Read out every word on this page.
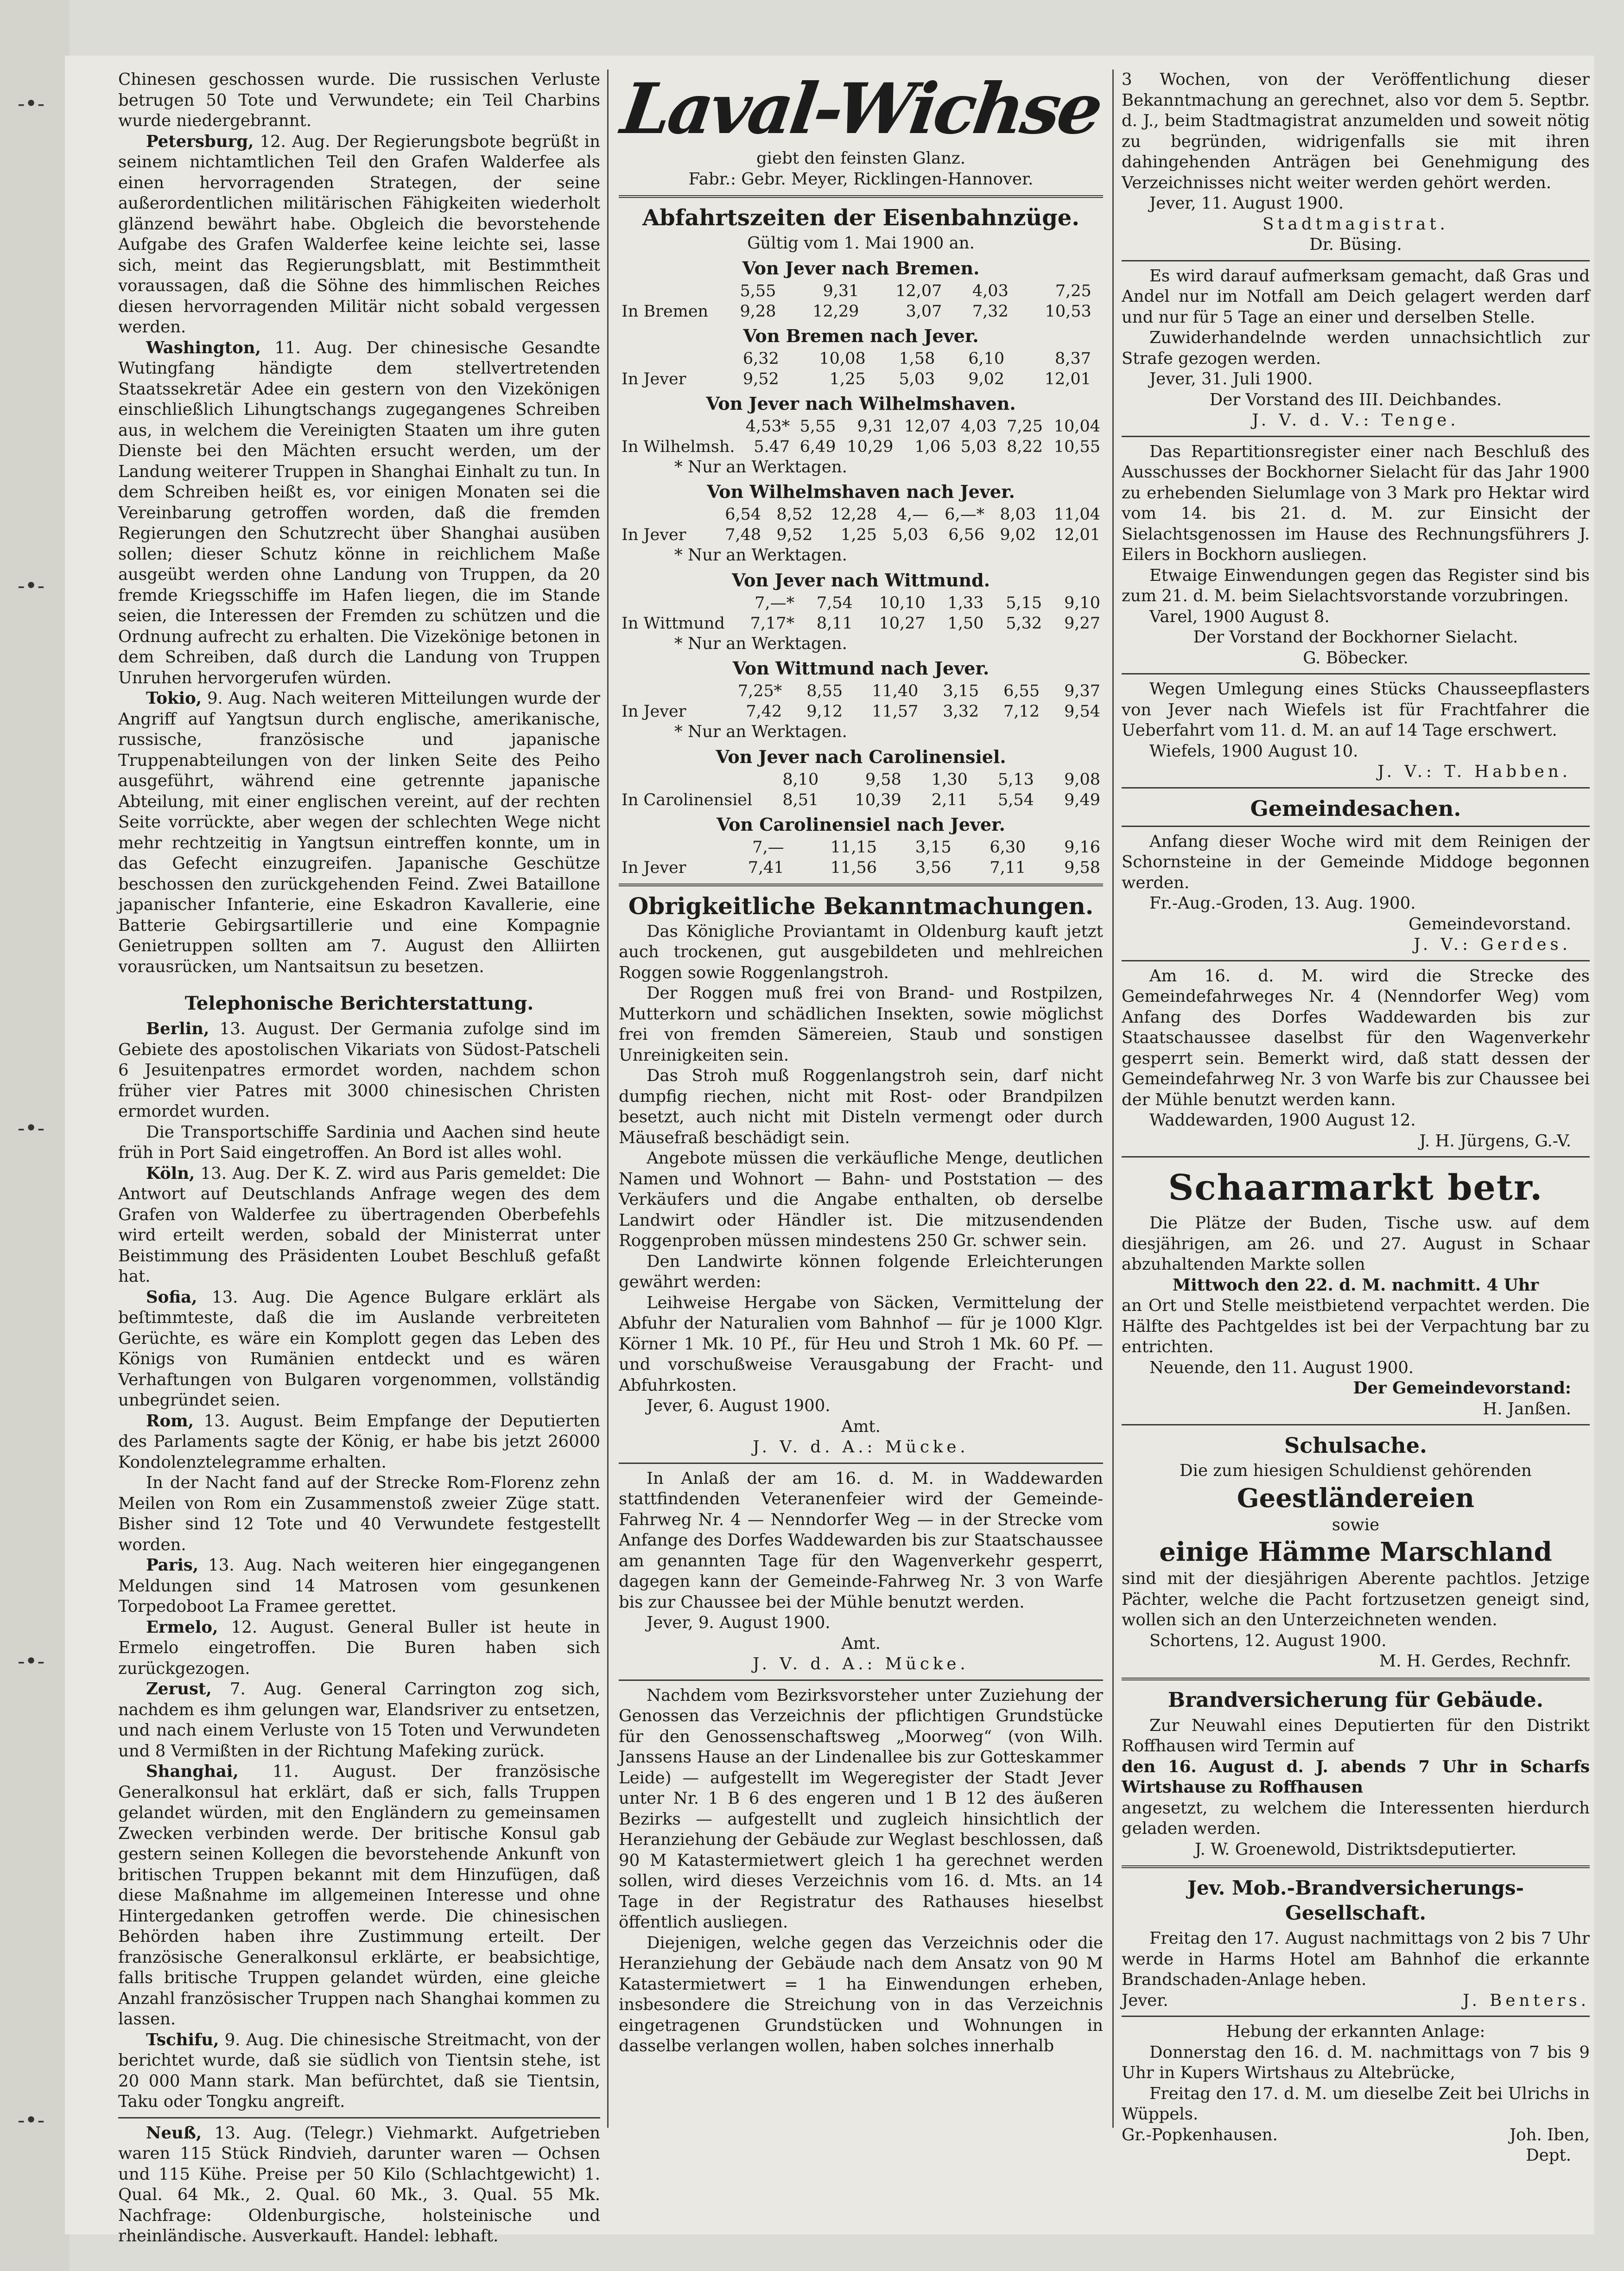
-•-
-•-
-•-
-•-
-•-

Chinesen geschossen wurde. Die russischen Verluste betrugen 50 Tote und Verwundete; ein Teil Charbins wurde niedergebrannt.

Petersburg, 12. Aug. Der Regierungsbote begrüßt in seinem nichtamtlichen Teil den Grafen Walderfee als einen hervorragenden Strategen, der seine außerordentlichen militärischen Fähigkeiten wiederholt glänzend bewährt habe. Obgleich die bevorstehende Aufgabe des Grafen Walderfee keine leichte sei, lasse sich, meint das Regierungsblatt, mit Bestimmtheit voraussagen, daß die Söhne des himmlischen Reiches diesen hervorragenden Militär nicht sobald vergessen werden.

Washington, 11. Aug. Der chinesische Gesandte Wutingfang händigte dem stellvertretenden Staatssekretär Adee ein gestern von den Vizekönigen einschließlich Lihungtschangs zugegangenes Schreiben aus, in welchem die Vereinigten Staaten um ihre guten Dienste bei den Mächten ersucht werden, um der Landung weiterer Truppen in Shanghai Einhalt zu tun. In dem Schreiben heißt es, vor einigen Monaten sei die Vereinbarung getroffen worden, daß die fremden Regierungen den Schutzrecht über Shanghai ausüben sollen; dieser Schutz könne in reichlichem Maße ausgeübt werden ohne Landung von Truppen, da 20 fremde Kriegsschiffe im Hafen liegen, die im Stande seien, die Interessen der Fremden zu schützen und die Ordnung aufrecht zu erhalten. Die Vizekönige betonen in dem Schreiben, daß durch die Landung von Truppen Unruhen hervorgerufen würden.

Tokio, 9. Aug. Nach weiteren Mitteilungen wurde der Angriff auf Yangtsun durch englische, amerikanische, russische, französische und japanische Truppenabteilungen von der linken Seite des Peiho ausgeführt, während eine getrennte japanische Abteilung, mit einer englischen vereint, auf der rechten Seite vorrückte, aber wegen der schlechten Wege nicht mehr rechtzeitig in Yangtsun eintreffen konnte, um in das Gefecht einzugreifen. Japanische Geschütze beschossen den zurückgehenden Feind. Zwei Bataillone japanischer Infanterie, eine Eskadron Kavallerie, eine Batterie Gebirgsartillerie und eine Kompagnie Genietruppen sollten am 7. August den Alliirten vorausrücken, um Nantsaitsun zu besetzen.

Telephonische Berichterstattung.

Berlin, 13. August. Der Germania zufolge sind im Gebiete des apostolischen Vikariats von Südost-Patscheli 6 Jesuitenpatres ermordet worden, nachdem schon früher vier Patres mit 3000 chinesischen Christen ermordet wurden.

Die Transportschiffe Sardinia und Aachen sind heute früh in Port Said eingetroffen. An Bord ist alles wohl.

Köln, 13. Aug. Der K. Z. wird aus Paris gemeldet: Die Antwort auf Deutschlands Anfrage wegen des dem Grafen von Walderfee zu übertragenden Oberbefehls wird erteilt werden, sobald der Ministerrat unter Beistimmung des Präsidenten Loubet Beschluß gefaßt hat.

Sofia, 13. Aug. Die Agence Bulgare erklärt als beſtimmteste, daß die im Auslande verbreiteten Gerüchte, es wäre ein Komplott gegen das Leben des Königs von Rumänien entdeckt und es wären Verhaftungen von Bulgaren vorgenommen, vollständig unbegründet seien.

Rom, 13. August. Beim Empfange der Deputierten des Parlaments sagte der König, er habe bis jetzt 26000 Kondolenztelegramme erhalten.

In der Nacht fand auf der Strecke Rom-Florenz zehn Meilen von Rom ein Zusammenstoß zweier Züge statt. Bisher sind 12 Tote und 40 Verwundete festgestellt worden.

Paris, 13. Aug. Nach weiteren hier eingegangenen Meldungen sind 14 Matrosen vom gesunkenen Torpedoboot La Framee gerettet.

Ermelo, 12. August. General Buller ist heute in Ermelo eingetroffen. Die Buren haben sich zurückgezogen.

Zerust, 7. Aug. General Carrington zog sich, nachdem es ihm gelungen war, Elandsriver zu entsetzen, und nach einem Verluste von 15 Toten und Verwundeten und 8 Vermißten in der Richtung Mafeking zurück.

Shanghai, 11. August. Der französische Generalkonsul hat erklärt, daß er sich, falls Truppen gelandet würden, mit den Engländern zu gemeinsamen Zwecken verbinden werde. Der britische Konsul gab gestern seinen Kollegen die bevorstehende Ankunft von britischen Truppen bekannt mit dem Hinzufügen, daß diese Maßnahme im allgemeinen Interesse und ohne Hintergedanken getroffen werde. Die chinesischen Behörden haben ihre Zustimmung erteilt. Der französische Generalkonsul erklärte, er beabsichtige, falls britische Truppen gelandet würden, eine gleiche Anzahl französischer Truppen nach Shanghai kommen zu lassen.

Tschifu, 9. Aug. Die chinesische Streitmacht, von der berichtet wurde, daß sie südlich von Tientsin stehe, ist 20 000 Mann stark. Man befürchtet, daß sie Tientsin, Taku oder Tongku angreift.

Neuß, 13. Aug. (Telegr.) Viehmarkt. Aufgetrieben waren 115 Stück Rindvieh, darunter waren — Ochsen und 115 Kühe. Preise per 50 Kilo (Schlachtgewicht) 1. Qual. 64 Mk., 2. Qual. 60 Mk., 3. Qual. 55 Mk. Nachfrage: Oldenburgische, holsteinische und rheinländische. Ausverkauft. Handel: lebhaft.

Laval-Wichse

giebt den feinsten Glanz.

Fabr.: Gebr. Meyer, Ricklingen-Hannover.

Abfahrtszeiten der Eisenbahnzüge.

Gültig vom 1. Mai 1900 an.

Von Jever nach Bremen.
	5,55	9,31	12,07	4,03	7,25	
In Bremen	9,28	12,29	3,07	7,32	10,53	
Von Bremen nach Jever.
	6,32	10,08	1,58	6,10	8,37	
In Jever	9,52	1,25	5,03	9,02	12,01	
Von Jever nach Wilhelmshaven.
	4,53*	5,55	9,31	12,07	4,03	7,25	10,04
In Wilhelmsh.	5.47	6,49	10,29	1,06	5,03	8,22	10,55

* Nur an Werktagen.

Von Wilhelmshaven nach Jever.
	6,54	8,52	12,28	4,—	6,—*	8,03	11,04
In Jever	7,48	9,52	1,25	5,03	6,56	9,02	12,01

* Nur an Werktagen.

Von Jever nach Wittmund.
	7,—*	7,54	10,10	1,33	5,15	9,10
In Wittmund	7,17*	8,11	10,27	1,50	5,32	9,27

* Nur an Werktagen.

Von Wittmund nach Jever.
	7,25*	8,55	11,40	3,15	6,55	9,37
In Jever	7,42	9,12	11,57	3,32	7,12	9,54

* Nur an Werktagen.

Von Jever nach Carolinensiel.
	8,10	9,58	1,30	5,13	9,08
In Carolinensiel	8,51	10,39	2,11	5,54	9,49
Von Carolinensiel nach Jever.
	7,—	11,15	3,15	6,30	9,16
In Jever	7,41	11,56	3,56	7,11	9,58
Obrigkeitliche Bekanntmachungen.

Das Königliche Proviantamt in Oldenburg kauft jetzt auch trockenen, gut ausgebildeten und mehlreichen Roggen sowie Roggenlangstroh.

Der Roggen muß frei von Brand- und Rostpilzen, Mutterkorn und schädlichen Insekten, sowie möglichst frei von fremden Sämereien, Staub und sonstigen Unreinigkeiten sein.

Das Stroh muß Roggenlangstroh sein, darf nicht dumpfig riechen, nicht mit Rost- oder Brandpilzen besetzt, auch nicht mit Disteln vermengt oder durch Mäusefraß beschädigt sein.

Angebote müssen die verkäufliche Menge, deutlichen Namen und Wohnort — Bahn- und Poststation — des Verkäufers und die Angabe enthalten, ob derselbe Landwirt oder Händler ist. Die mitzusendenden Roggenproben müssen mindestens 250 Gr. schwer sein.

Den Landwirte können folgende Erleichterungen gewährt werden:

Leihweise Hergabe von Säcken, Vermittelung der Abfuhr der Naturalien vom Bahnhof — für je 1000 Klgr. Körner 1 Mk. 10 Pf., für Heu und Stroh 1 Mk. 60 Pf. — und vorschußweise Verausgabung der Fracht- und Abfuhrkosten.

Jever, 6. August 1900.

Amt.

J. V. d. A.: Mücke.

In Anlaß der am 16. d. M. in Waddewarden stattfindenden Veteranenfeier wird der Gemeinde-Fahrweg Nr. 4 — Nenndorfer Weg — in der Strecke vom Anfange des Dorfes Waddewarden bis zur Staatschaussee am genannten Tage für den Wagenverkehr gesperrt, dagegen kann der Gemeinde-Fahrweg Nr. 3 von Warfe bis zur Chaussee bei der Mühle benutzt werden.

Jever, 9. August 1900.

Amt.

J. V. d. A.: Mücke.

Nachdem vom Bezirksvorsteher unter Zuziehung der Genossen das Verzeichnis der pflichtigen Grundstücke für den Genossenschaftsweg „Moorweg“ (von Wilh. Janssens Hause an der Lindenallee bis zur Gotteskammer Leide) — aufgestellt im Wegeregister der Stadt Jever unter Nr. 1 B 6 des engeren und 1 B 12 des äußeren Bezirks — aufgestellt und zugleich hinsichtlich der Heranziehung der Gebäude zur Weglast beschlossen, daß 90 M Katastermietwert gleich 1 ha gerechnet werden sollen, wird dieses Verzeichnis vom 16. d. Mts. an 14 Tage in der Registratur des Rathauses hieselbst öffentlich ausliegen.

Diejenigen, welche gegen das Verzeichnis oder die Heranziehung der Gebäude nach dem Ansatz von 90 M Katastermietwert = 1 ha Einwendungen erheben, insbesondere die Streichung von in das Verzeichnis eingetragenen Grundstücken und Wohnungen in dasselbe verlangen wollen, haben solches innerhalb

3 Wochen, von der Veröffentlichung dieser Bekanntmachung an gerechnet, also vor dem 5. Septbr. d. J., beim Stadtmagistrat anzumelden und soweit nötig zu begründen, widrigenfalls sie mit ihren dahingehenden Anträgen bei Genehmigung des Verzeichnisses nicht weiter werden gehört werden.

Jever, 11. August 1900.

Stadtmagistrat.

Dr. Büsing.

Es wird darauf aufmerksam gemacht, daß Gras und Andel nur im Notfall am Deich gelagert werden darf und nur für 5 Tage an einer und derselben Stelle.

Zuwiderhandelnde werden unnachsichtlich zur Strafe gezogen werden.

Jever, 31. Juli 1900.

Der Vorstand des III. Deichbandes.

J. V. d. V.: Tenge.

Das Repartitionsregister einer nach Beschluß des Ausschusses der Bockhorner Sielacht für das Jahr 1900 zu erhebenden Sielumlage von 3 Mark pro Hektar wird vom 14. bis 21. d. M. zur Einsicht der Sielachtsgenossen im Hause des Rechnungsführers J. Eilers in Bockhorn ausliegen.

Etwaige Einwendungen gegen das Register sind bis zum 21. d. M. beim Sielachtsvorstande vorzubringen.

Varel, 1900 August 8.

Der Vorstand der Bockhorner Sielacht.

G. Böbecker.

Wegen Umlegung eines Stücks Chausseepflasters von Jever nach Wiefels ist für Frachtfahrer die Ueberfahrt vom 11. d. M. an auf 14 Tage erschwert.

Wiefels, 1900 August 10.

J. V.: T. Habben.

Gemeindesachen.

Anfang dieser Woche wird mit dem Reinigen der Schornsteine in der Gemeinde Middoge begonnen werden.

Fr.-Aug.-Groden, 13. Aug. 1900.

Gemeindevorstand.

J. V.: Gerdes.

Am 16. d. M. wird die Strecke des Gemeindefahrweges Nr. 4 (Nenndorfer Weg) vom Anfang des Dorfes Waddewarden bis zur Staatschaussee daselbst für den Wagenverkehr gesperrt sein. Bemerkt wird, daß statt dessen der Gemeindefahrweg Nr. 3 von Warfe bis zur Chaussee bei der Mühle benutzt werden kann.

Waddewarden, 1900 August 12.

J. H. Jürgens, G.-V.

Schaarmarkt betr.

Die Plätze der Buden, Tische usw. auf dem diesjährigen, am 26. und 27. August in Schaar abzuhaltenden Markte sollen

Mittwoch den 22. d. M. nachmitt. 4 Uhr

an Ort und Stelle meistbietend verpachtet werden. Die Hälfte des Pachtgeldes ist bei der Verpachtung bar zu entrichten.

Neuende, den 11. August 1900.

Der Gemeindevorstand:

H. Janßen.

Schulsache.

Die zum hiesigen Schuldienst gehörenden

Geestländereien

sowie

einige Hämme Marschland

sind mit der diesjährigen Aberente pachtlos. Jetzige Pächter, welche die Pacht fortzusetzen geneigt sind, wollen sich an den Unterzeichneten wenden.

Schortens, 12. August 1900.

M. H. Gerdes, Rechnfr.

Brandversicherung für Gebäude.

Zur Neuwahl eines Deputierten für den Distrikt Roffhausen wird Termin auf

den 16. August d. J. abends 7 Uhr in Scharfs Wirtshause zu Roffhausen

angesetzt, zu welchem die Interessenten hierdurch geladen werden.

J. W. Groenewold, Distriktsdeputierter.

Jev. Mob.-Brandversicherungs-Gesellschaft.

Freitag den 17. August nachmittags von 2 bis 7 Uhr werde in Harms Hotel am Bahnhof die erkannte Brandschaden-Anlage heben.

Jever.	J. Benters.

Hebung der erkannten Anlage:

Donnerstag den 16. d. M. nachmittags von 7 bis 9 Uhr in Kupers Wirtshaus zu Altebrücke,

Freitag den 17. d. M. um dieselbe Zeit bei Ulrichs in Wüppels.

Gr.-Popkenhausen.	Joh. Iben,

Dept.
